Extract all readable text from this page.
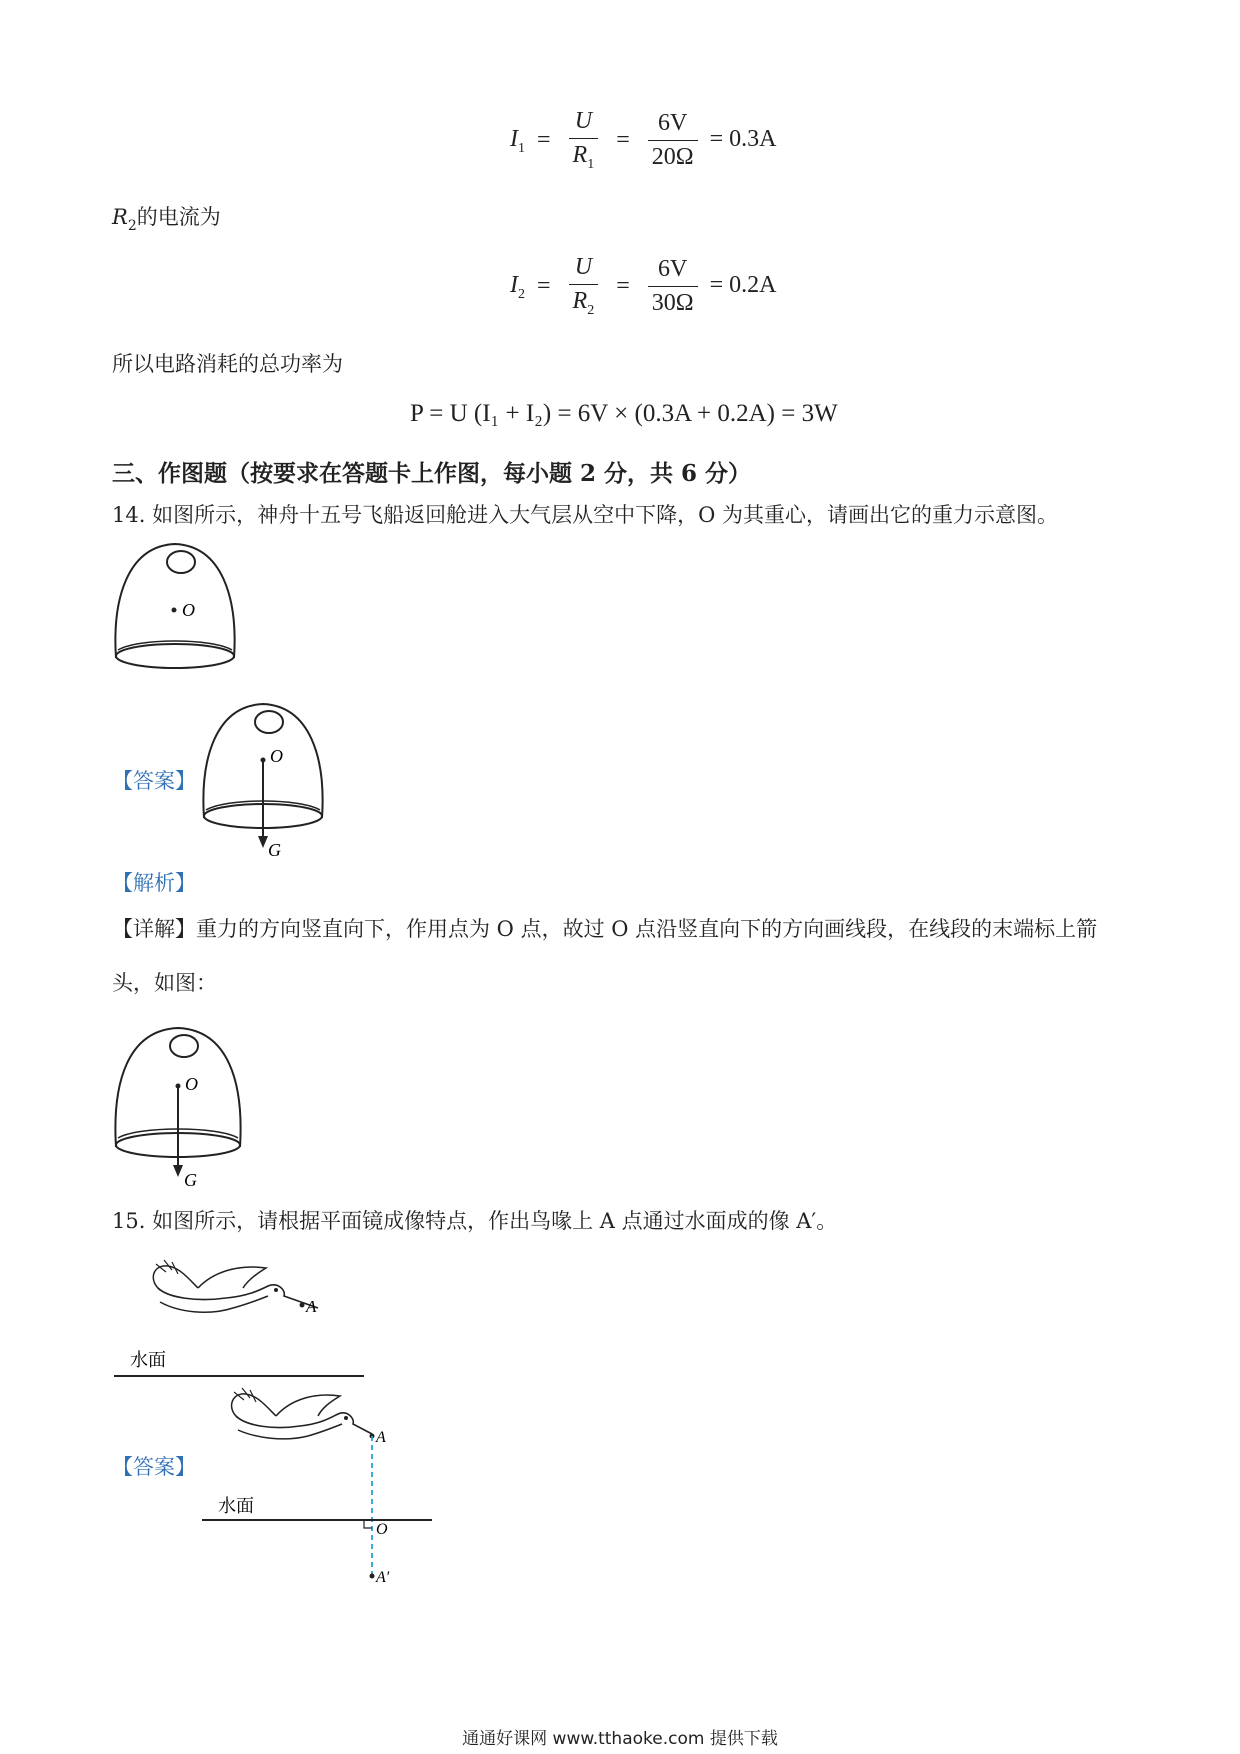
$I_1 = \frac{U}{R_1} = \frac{6V}{20\Omega} = 0.3A$
$R_2$的电流为
$I_2 = \frac{U}{R_2} = \frac{6V}{30\Omega} = 0.2A$
所以电路消耗的总功率为
P = U (I₁ + I₂) = 6V × (0.3A + 0.2A) = 3W
三、作图题（按要求在答题卡上作图，每小题 2 分，共 6 分）
14. 如图所示，神舟十五号飞船返回舱进入大气层从空中下降，O 为其重心，请画出它的重力示意图。
O
【答案】
O
G
【解析】
【详解】重力的方向竖直向下，作用点为 O 点，故过 O 点沿竖直向下的方向画线段，在线段的末端标上箭
头，如图：
O
G
15. 如图所示，请根据平面镜成像特点，作出鸟喙上 A 点通过水面成的像 A′。
A
水面
【答案】
A
水面
O
A′
通通好课网 www.tthaoke.com 提供下载
